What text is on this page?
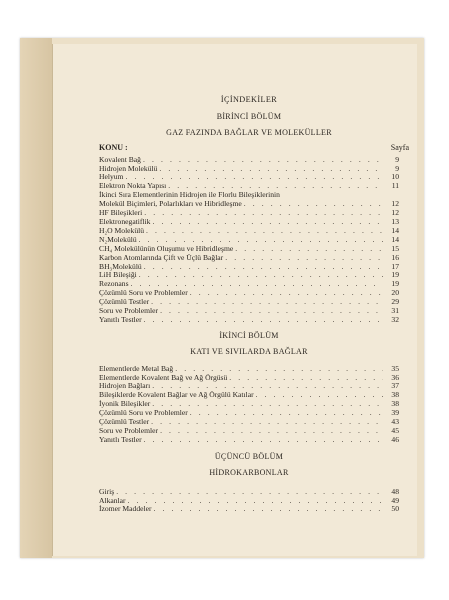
İÇİNDEKİLER
BİRİNCİ BÖLÜM
GAZ FAZINDA BAĞLAR VE MOLEKÜLLER
KONU :	Sayfa
Kovalent Bağ . . .	9
Hidrojen Molekülü . . .	9
Helyum . . .	10
Elektron Nokta Yapısı . . .	11
İkinci Sıra Elementlerinin Hidrojen ile Florlu Bileşiklerinin
Molekül Biçimleri, Polarlıkları ve Hibridleşme . . .	12
HF Bileşikleri . . .	12
Elektronegatiflik . . .	13
H₂O Molekülü . . .	14
N₂Molekülü . . .	14
CH₄ Molekülünün Oluşumu ve Hibridleşme . . .	15
Karbon Atomlarında Çift ve Üçlü Bağlar . . .	16
BH₃Molekülü . . .	17
LiH Bileşiği . . .	19
Rezonans . . .	19
Çözümlü Soru ve Problemler . . .	20
Çözümlü Testler . . .	29
Soru ve Problemler . . .	31
Yanıtlı Testler . . .	32
İKİNCİ BÖLÜM
KATI VE SIVILARDA BAĞLAR
Elementlerde Metal Bağ . . .	35
Elementlerde Kovalent Bağ ve Ağ Örgüsü . . .	36
Hidrojen Bağları . . .	37
Bileşiklerde Kovalent Bağlar ve Ağ Örgülü Katılar . . .	38
İyonik Bileşikler . . .	38
Çözümlü Soru ve Problemler . . .	39
Çözümlü Testler . . .	43
Soru ve Problemler . . .	45
Yanıtlı Testler . . .	46
ÜÇÜNCÜ BÖLÜM
HİDROKARBONLAR
Giriş . . .	48
Alkanlar . . .	49
İzomer Maddeler . . .	50
